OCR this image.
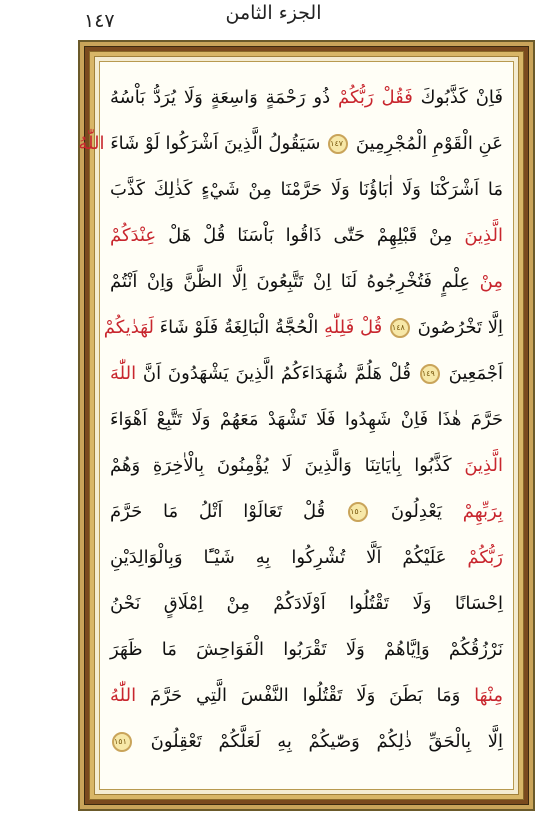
١٤٧	الجزء الثامن
فَاِنْ كَذَّبُوكَ فَقُلْ رَبُّكُمْ ذُو رَحْمَةٍ وَاسِعَةٍ وَلَا يُرَدُّ بَاْسُهُ
عَنِ الْقَوْمِ الْمُجْرِمِينَ ١٤٧ سَيَقُولُ الَّذِينَ اَشْرَكُوا لَوْ شَاءَ اللّٰهُ
مَا اَشْرَكْنَا وَلَا اٰبَاؤُنَا وَلَا حَرَّمْنَا مِنْ شَيْءٍ كَذٰلِكَ كَذَّبَ
الَّذِينَ مِنْ قَبْلِهِمْ حَتّٰى ذَاقُوا بَاْسَنَا قُلْ هَلْ عِنْدَكُمْ
مِنْ عِلْمٍ فَتُخْرِجُوهُ لَنَا اِنْ تَتَّبِعُونَ اِلَّا الظَّنَّ وَاِنْ اَنْتُمْ
اِلَّا تَخْرُصُونَ ١٤٨ قُلْ فَلِلّٰهِ الْحُجَّةُ الْبَالِغَةُ فَلَوْ شَاءَ لَهَدٰيكُمْ
اَجْمَعِينَ ١٤٩ قُلْ هَلُمَّ شُهَدَاءَكُمُ الَّذِينَ يَشْهَدُونَ اَنَّ اللّٰهَ
حَرَّمَ هٰذَا فَاِنْ شَهِدُوا فَلَا تَشْهَدْ مَعَهُمْ وَلَا تَتَّبِعْ اَهْوَاءَ
الَّذِينَ كَذَّبُوا بِاٰيَاتِنَا وَالَّذِينَ لَا يُؤْمِنُونَ بِالْاٰخِرَةِ وَهُمْ
بِرَبِّهِمْ يَعْدِلُونَ ١٥٠ قُلْ تَعَالَوْا اَتْلُ مَا حَرَّمَ
رَبُّكُمْ عَلَيْكُمْ اَلَّا تُشْرِكُوا بِهِ شَيْـًٔا وَبِالْوَالِدَيْنِ
اِحْسَانًا وَلَا تَقْتُلُوا اَوْلَادَكُمْ مِنْ اِمْلَاقٍ نَحْنُ
نَرْزُقُكُمْ وَاِيَّاهُمْ وَلَا تَقْرَبُوا الْفَوَاحِشَ مَا ظَهَرَ
مِنْهَا وَمَا بَطَنَ وَلَا تَقْتُلُوا النَّفْسَ الَّتِي حَرَّمَ اللّٰهُ
اِلَّا بِالْحَقِّ ذٰلِكُمْ وَصّٰيكُمْ بِهِ لَعَلَّكُمْ تَعْقِلُونَ ١٥١
